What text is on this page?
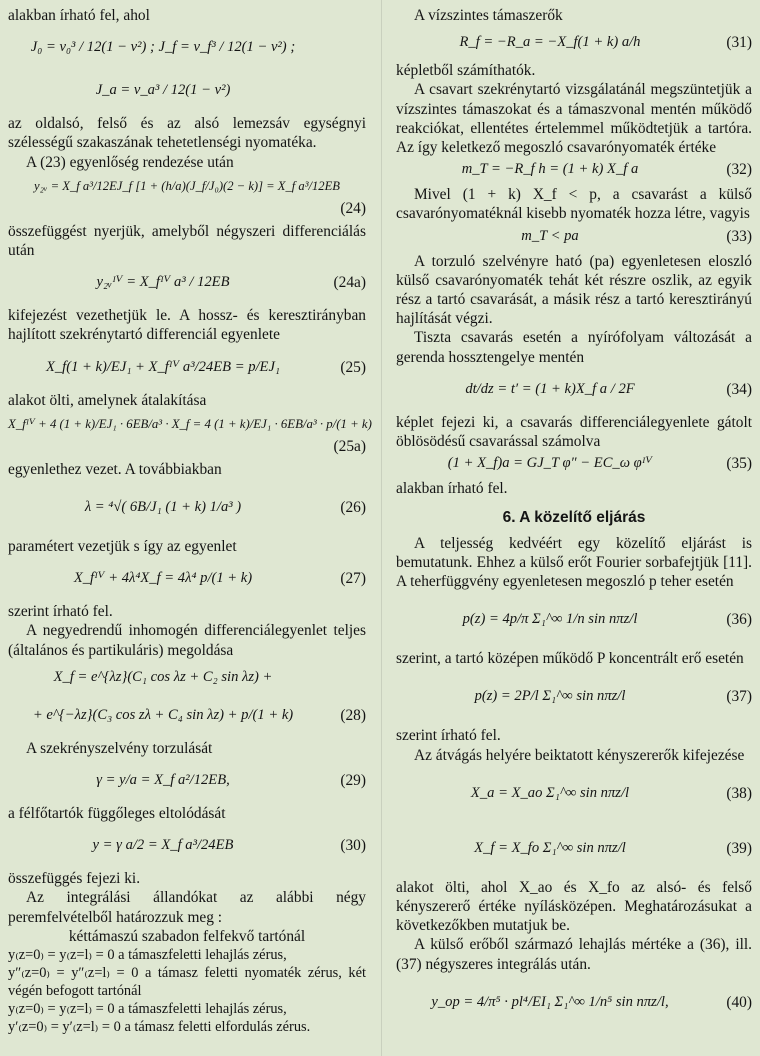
alakban írható fel, ahol

J₀ = v₀³ / 12(1 − ν²) ; J_f = v_f³ / 12(1 − ν²) ;
J_a = v_a³ / 12(1 − ν²)

az oldalsó, felső és az alsó lemezsáv egységnyi szélességű szakaszának tehetetlenségi nyomatéka.

A (23) egyenlőség rendezése után

y₂ᵥ = X_f a³/12EJ_f [1 + (h/a)(J_f/J₀)(2 − k)] = X_f a³/12EB
(24)

összefüggést nyerjük, amelyből négyszeri differenciálás után

y₂ᵥᴵⱽ = X_fᴵⱽ a³ / 12EB	(24a)

kifejezést vezethetjük le. A hossz- és keresztirányban hajlított szekrénytartó differenciál egyenlete

X_f(1 + k)/EJ₁ + X_fᴵⱽ a³/24EB = p/EJ₁	(25)

alakot ölti, amelynek átalakítása

X_fᴵⱽ + 4 (1 + k)/EJ₁ · 6EB/a³ · X_f = 4 (1 + k)/EJ₁ · 6EB/a³ · p/(1 + k)
(25a)

egyenlethez vezet. A továbbiakban

λ = ⁴√( 6B/J₁ (1 + k) 1/a³ )	(26)

paramétert vezetjük s így az egyenlet

X_fᴵⱽ + 4λ⁴X_f = 4λ⁴ p/(1 + k)	(27)

szerint írható fel.

A negyedrendű inhomogén differenciálegyenlet teljes (általános és partikuláris) megoldása

X_f = e^{λz}(C₁ cos λz + C₂ sin λz) +
+ e^{−λz}(C₃ cos zλ + C₄ sin λz) + p/(1 + k)	(28)

A szekrényszelvény torzulását

γ = y/a = X_f a²/12EB,	(29)

a félfőtartók függőleges eltolódását

y = γ a/2 = X_f a³/24EB	(30)

összefüggés fejezi ki.

Az integrálási állandókat az alábbi négy peremfelvételből határozzuk meg :

kéttámaszú szabadon felfekvő tartónál

y₍z=0₎ = y₍z=l₎ = 0 a támaszfeletti lehajlás zérus,

y″₍z=0₎ = y″₍z=l₎ = 0 a támasz feletti nyomaték zérus, két végén befogott tartónál

y₍z=0₎ = y₍z=l₎ = 0 a támaszfeletti lehajlás zérus,

y′₍z=0₎ = y′₍z=l₎ = 0 a támasz feletti elfordulás zérus.

A vízszintes támaszerők

R_f = −R_a = −X_f(1 + k) a/h	(31)

képletből számíthatók.

A csavart szekrénytartó vizsgálatánál megszüntetjük a vízszintes támaszokat és a támaszvonal mentén működő reakciókat, ellentétes értelemmel működtetjük a tartóra. Az így keletkező megoszló csavarónyomaték értéke

m_T = −R_f h = (1 + k) X_f a	(32)

Mivel (1 + k) X_f < p, a csavarást a külső csavarónyomatéknál kisebb nyomaték hozza létre, vagyis

m_T < pa	(33)

A torzuló szelvényre ható (pa) egyenletesen eloszló külső csavarónyomaték tehát két részre oszlik, az egyik rész a tartó csavarását, a másik rész a tartó keresztirányú hajlítását végzi.

Tiszta csavarás esetén a nyírófolyam változását a gerenda hossztengelye mentén

dt/dz = t′ = (1 + k)X_f a / 2F	(34)

képlet fejezi ki, a csavarás differenciálegyenlete gátolt öblösödésű csavarással számolva

(1 + X_f)a = GJ_T φ″ − EC_ω φᴵⱽ	(35)

alakban írható fel.

6. A közelítő eljárás

A teljesség kedvéért egy közelítő eljárást is bemutatunk. Ehhez a külső erőt Fourier sorbafejtjük [11]. A teherfüggvény egyenletesen megoszló p teher esetén

p(z) = 4p/π Σ₁^∞ 1/n sin nπz/l	(36)

szerint, a tartó középen működő P koncentrált erő esetén

p(z) = 2P/l Σ₁^∞ sin nπz/l	(37)

szerint írható fel.

Az átvágás helyére beiktatott kényszererők kifejezése

X_a = X_ao Σ₁^∞ sin nπz/l	(38)
X_f = X_fo Σ₁^∞ sin nπz/l	(39)

alakot ölti, ahol X_ao és X_fo az alsó- és felső kényszererő értéke nyílásközépen. Meghatározásukat a következőkben mutatjuk be.

A külső erőből származó lehajlás mértéke a (36), ill. (37) négyszeres integrálás után.

y_op = 4/π⁵ · pl⁴/EI₁ Σ₁^∞ 1/n⁵ sin nπz/l,	(40)
